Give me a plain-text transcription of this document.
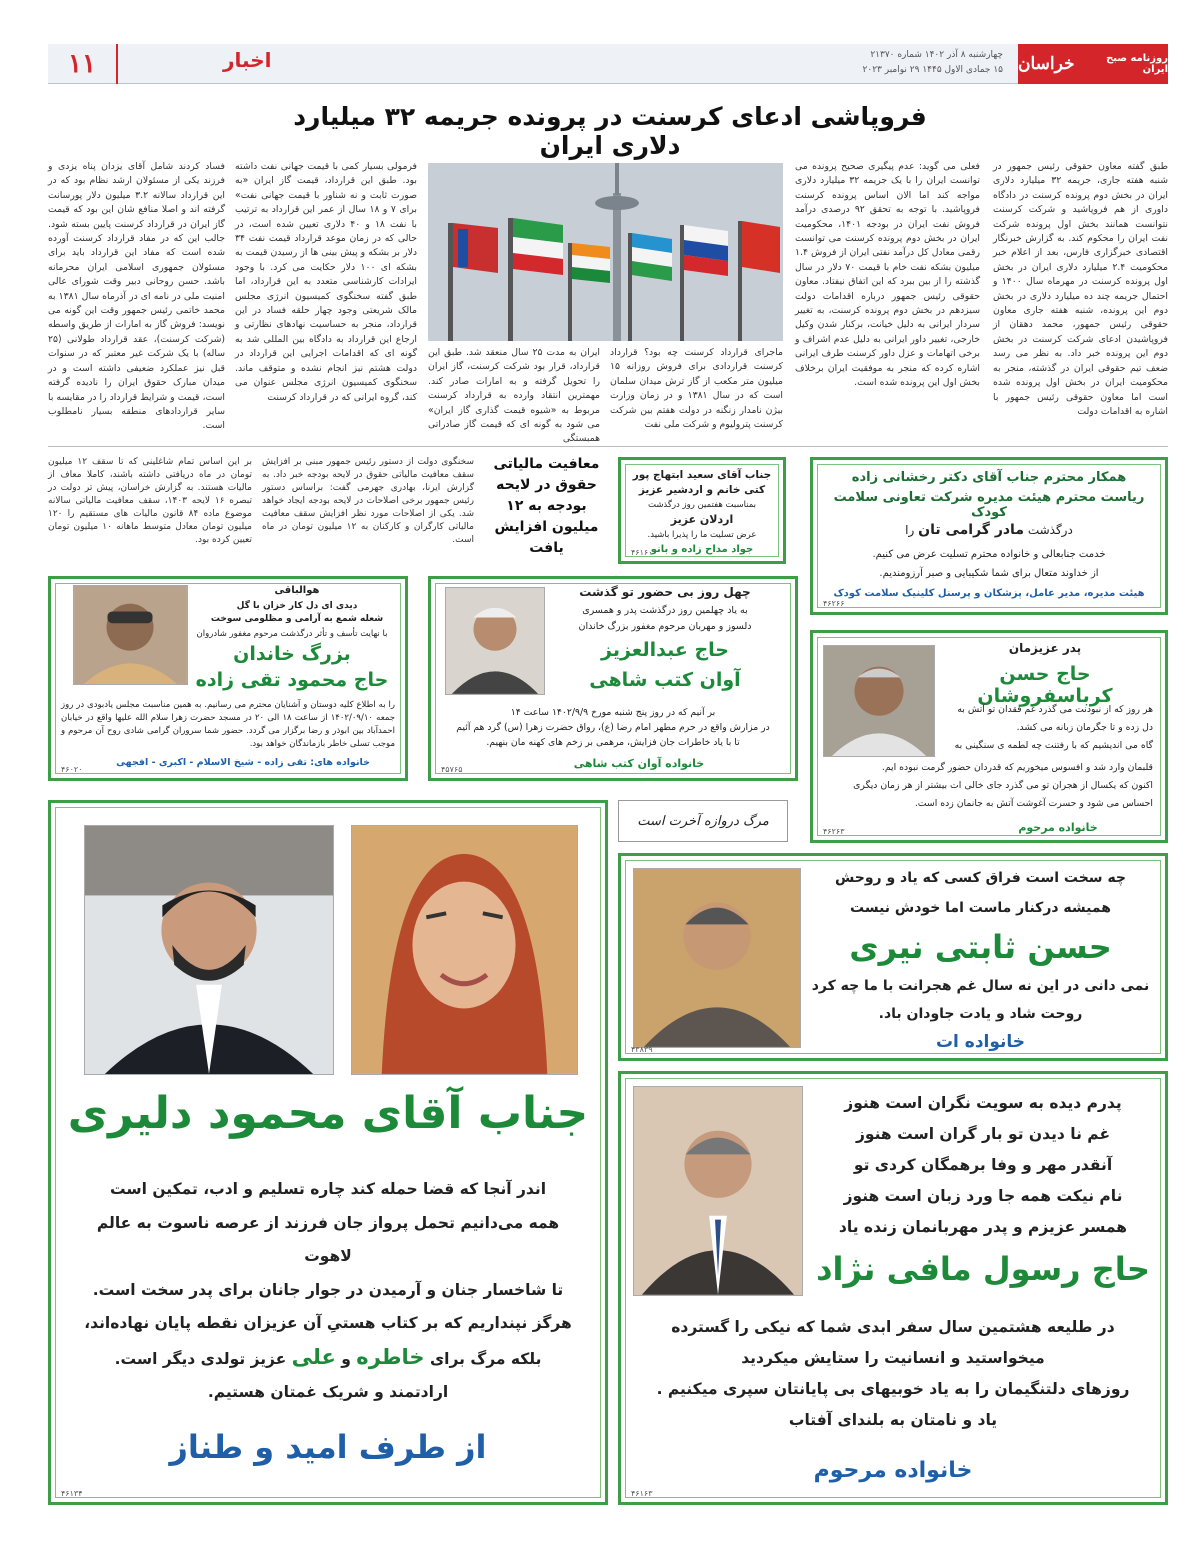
روزنامه صبح ایران
خراسان
چهارشنبه ۸ آذر ۱۴۰۲ شماره ۲۱۳۷۰
۱۵ جمادی الاول ۱۴۴۵ ۲۹ نوامبر ۲۰۲۳
اخبار
۱۱
فروپاشی ادعای کرسنت در پرونده جریمه ۳۲ میلیارد دلاری ایران
طبق گفته معاون حقوقی رئیس جمهور در شنبه هفته جاری، جریمه ۳۲ میلیارد دلاری ایران در بخش دوم پرونده کرسنت در دادگاه داوری از هم فروپاشید و شرکت کرسنت نتوانست همانند بخش اول پرونده شرکت نفت ایران را محکوم کند. به گزارش خبرنگار اقتصادی خبرگزاری فارس، بعد از اعلام خبر محکومیت ۲.۴ میلیارد دلاری ایران در بخش اول پرونده کرسنت در مهرماه سال ۱۴۰۰ و احتمال جریمه چند ده میلیارد دلاری در بخش دوم این پرونده، شنبه هفته جاری معاون حقوقی رئیس جمهور، محمد دهقان از فروپاشیدن ادعای شرکت کرسنت در بخش دوم این پرونده خبر داد. به نظر می رسد ضعف تیم حقوقی ایران در گذشته، منجر به محکومیت ایران در بخش اول پرونده شده است اما معاون حقوقی رئیس جمهور با اشاره به اقدامات دولت
فعلی می گوید: عدم پیگیری صحیح پرونده می توانست ایران را با یک جریمه ۳۲ میلیارد دلاری مواجه کند اما الان اساس پرونده کرسنت فروپاشید. با توجه به تحقق ۹۲ درصدی درآمد فروش نفت ایران در بودجه ۱۴۰۱، محکومیت ایران در بخش دوم پرونده کرسنت می توانست رقمی معادل کل درآمد نفتی ایران از فروش ۱.۴ میلیون بشکه نفت خام با قیمت ۷۰ دلار در سال گذشته را از بین ببرد که این اتفاق نیفتاد. معاون حقوقی رئیس جمهور درباره اقدامات دولت سیزدهم در بخش دوم پرونده کرسنت، به تغییر سردار ایرانی به دلیل خیانت، برکنار شدن وکیل خارجی، تغییر داور ایرانی به دلیل عدم اشراف و برخی اتهامات و عزل داور کرسنت طرف ایرانی اشاره کرده که منجر به موفقیت ایران برخلاف بخش اول این پرونده شده است.
ماجرای قرارداد کرسنت چه بود؟ قرارداد کرسنت قراردادی برای فروش روزانه ۱۵ میلیون متر مکعب از گاز ترش میدان سلمان است که در سال ۱۳۸۱ و در زمان وزارت بیژن نامدار زنگنه در دولت هفتم بین شرکت کرسنت پترولیوم و شرکت ملی نفت
ایران به مدت ۲۵ سال منعقد شد. طبق این قرارداد، قرار بود شرکت کرسنت، گاز ایران را تحویل گرفته و به امارات صادر کند. مهمترین انتقاد وارده به قرارداد کرسنت مربوط به «شیوه قیمت گذاری گاز ایران» می شود به گونه ای که قیمت گاز صادراتی همبستگی
فرمولی بسیار کمی با قیمت جهانی نفت داشته بود. طبق این قرارداد، قیمت گاز ایران «به صورت ثابت و نه شناور با قیمت جهانی نفت» برای ۷ و ۱۸ سال از عمر این قرارداد به ترتیب با نفت ۱۸ و ۴۰ دلاری تعیین شده است، در حالی که در زمان موعد قرارداد قیمت نفت ۳۴ دلار بر بشکه و پیش بینی ها از رسیدن قیمت به بشکه ای ۱۰۰ دلار حکایت می کرد. با وجود ایرادات کارشناسی متعدد به این قرارداد، اما طبق گفته سخنگوی کمیسیون انرژی مجلس مالک شریعتی وجود چهار حلقه فساد در این قرارداد، منجر به حساسیت نهادهای نظارتی و ارجاع این قرارداد به دادگاه بین المللی شد به گونه ای که اقدامات اجرایی این قرارداد در دولت هشتم نیز انجام نشده و متوقف ماند. سخنگوی کمیسیون انرژی مجلس عنوان می کند، گروه ایرانی که در قرارداد کرسنت
فساد کردند شامل آقای یزدان پناه یزدی و فرزند یکی از مسئولان ارشد نظام بود که در این قرارداد سالانه ۳.۲ میلیون دلار پورسانت گرفته اند و اصلا منافع شان این بود که قیمت گاز ایران در قرارداد کرسنت پایین بسته شود. جالب این که در مفاد قرارداد کرسنت آورده شده است که مفاد این قرارداد باید برای مسئولان جمهوری اسلامی ایران محرمانه باشد. حسن روحانی دبیر وقت شورای عالی امنیت ملی در نامه ای در آذرماه سال ۱۳۸۱ به محمد خاتمی رئیس جمهور وقت این گونه می نویسد: فروش گاز به امارات از طریق واسطه (شرکت کرسنت)، عقد قرارداد طولانی (۲۵ ساله) با یک شرکت غیر معتبر که در سنوات قبل نیز عملکرد ضعیفی داشته است و در میدان مبارک حقوق ایران را نادیده گرفته است، قیمت و شرایط قرارداد را در مقایسه با سایر قراردادهای منطقه بسیار نامطلوب است.
معافیت مالیاتی حقوق در لایحه بودجه به ۱۲ میلیون افزایش یافت
سخنگوی دولت از دستور رئیس جمهور مبنی بر افزایش سقف معافیت مالیاتی حقوق در لایحه بودجه خبر داد. به گزارش ایرنا، بهادری جهرمی گفت: براساس دستور رئیس جمهور برخی اصلاحات در لایحه بودجه ایجاد خواهد شد. یکی از اصلاحات مورد نظر افزایش سقف معافیت مالیاتی کارگران و کارکنان به ۱۲ میلیون تومان در ماه است.
بر این اساس تمام شاغلینی که تا سقف ۱۲ میلیون تومان در ماه دریافتی داشته باشند، کاملا معاف از مالیات هستند. به گزارش خراسان، پیش تر دولت در تبصره ۱۶ لایحه ۱۴۰۳، سقف معافیت مالیاتی سالانه موضوع ماده ۸۴ قانون مالیات های مستقیم را ۱۲۰ میلیون تومان معادل متوسط ماهانه ۱۰ میلیون تومان تعیین کرده بود.
جناب آقای سعید ابتهاج پور کتی خانم و اردشیر عزیز
بمناسبت هفتمین روز درگذشت
اردلان عزیز
عرض تسلیت ما را پذیرا باشید.
جواد مداح زاده و بانو
۴۶۱۶۰
همکار محترم جناب آقای دکتر رخشانی زاده
ریاست محترم هیئت مدیره شرکت تعاونی سلامت کودک
درگذشت مادر گرامی تان را
خدمت جنابعالی و خانواده محترم تسلیت عرض می کنیم.
از خداوند متعال برای شما شکیبایی و صبر آرزومندیم.
هیئت مدیره، مدیر عامل، پزشکان و پرسنل کلینیک سلامت کودک
۴۶۲۶۶
هوالباقی
دیدی ای دل کار خزان با گل
شعله شمع به آرامی و مظلومی سوخت
با نهایت تأسف و تأثر درگذشت مرحوم مغفور شادروان
بزرگ خاندان
حاج محمود تقی زاده
را به اطلاع کلیه دوستان و آشنایان محترم می رسانیم. به همین مناسبت مجلس یادبودی در روز جمعه ۱۴۰۲/۰۹/۱۰ از ساعت ۱۸ الی ۲۰ در مسجد حضرت زهرا سلام الله علیها واقع در خیابان احمدآباد بین ابوذر و رضا برگزار می گردد. حضور شما سروران گرامی شادی روح آن مرحوم و موجب تسلی خاطر بازماندگان خواهد بود.
خانواده های: تقی زاده - شیخ الاسلام - اکبری - افجهی
۴۶۰۲۰
چهل روز بی حضور تو گذشت
به یاد چهلمین روز درگذشت پدر و همسری
دلسوز و مهربان مرحوم مغفور بزرگ خاندان
حاج عبدالعزیز
آوان کتب شاهی
بر آنیم که در روز پنج شنبه مورخ ۱۴۰۲/۹/۹ ساعت ۱۴
در مزارش واقع در حرم مطهر امام رضا (ع)، رواق حضرت زهرا (س) گرد هم آئیم
تا با یاد خاطرات جان فزایش، مرهمی بر زخم های کهنه مان بنهیم.
خانواده آوان کتب شاهی
۴۵۷۶۵
پدر عزیزمان
حاج حسن کرباسفروشان
هر روز که از نبودنت می گذرد غم فقدان تو آتش به
دل زده و تا جگرمان زبانه می کشد.
گاه می اندیشیم که با رفتنت چه لطمه ی سنگینی به
قلبمان وارد شد و افسوس میخوریم که قدردان حضور گرمت نبوده ایم.
اکنون که یکسال از هجران تو می گذرد جای خالی ات بیشتر از هر زمان دیگری
احساس می شود و حسرت آغوشت آتش به جانمان زده است.
خانواده مرحوم
۴۶۲۶۳
مرگ دروازه آخرت است
جناب آقای محمود دلیری
اندر آنجا که قضا حمله کند چاره تسلیم و ادب، تمکین است
همه می‌دانیم تحمل پرواز جان فرزند از عرصه ناسوت به عالم لاهوت
تا شاخسار جنان و آرمیدن در جوار جانان برای پدر سخت است.
هرگز نپنداریم که بر کتاب هستیِ آن عزیزان نقطه پایان نهاده‌اند،
بلکه مرگ برای خاطره و علی عزیز تولدی دیگر است.
ارادتمند و شریک غمتان هستیم.
از طرف امید و طناز
۴۶۱۳۴
چه سخت است فراق کسی که یاد و روحش
همیشه درکنار ماست اما خودش نیست
حسن ثابتی نیری
نمی دانی در این نه سال غم هجرانت با ما چه کرد
روحت شاد و یادت جاودان باد.
خانواده ات
۴۳۸۳۹
پدرم دیده به سویت نگران است هنوز
غم نا دیدن تو بار گران است هنوز
آنقدر مهر و وفا برهمگان کردی تو
نام نیکت همه جا ورد زبان است هنوز
همسر عزیزم و پدر مهربانمان زنده یاد
حاج رسول مافی نژاد
در طلیعه هشتمین سال سفر ابدی شما که نیکی را گسترده
میخواستید و انسانیت را ستایش میکردید
روزهای دلتنگیمان را به یاد خوبیهای بی پایانتان سپری میکنیم .
یاد و نامتان به بلندای آفتاب
خانواده مرحوم
۴۶۱۶۳
